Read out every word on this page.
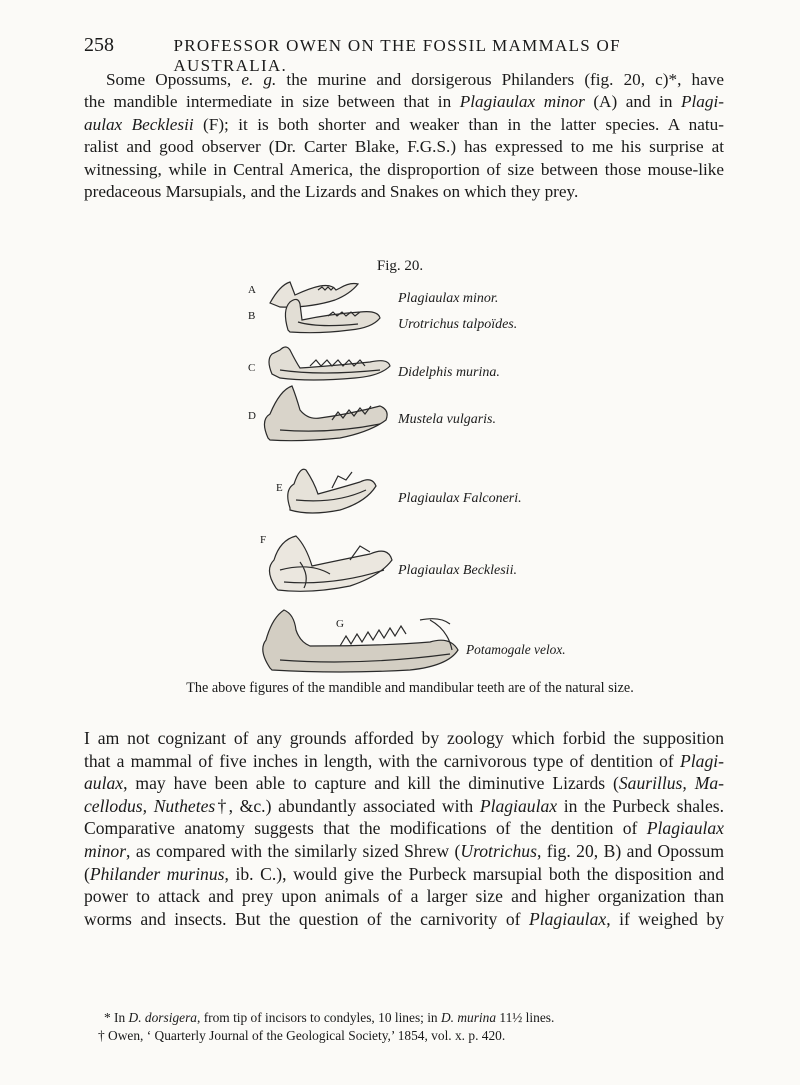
258	PROFESSOR OWEN ON THE FOSSIL MAMMALS OF AUSTRALIA.
Some Opossums, e. g. the murine and dorsigerous Philanders (fig. 20, c)*, have
the mandible intermediate in size between that in Plagiaulax minor (A) and in Plagi-
aulax Becklesii (F); it is both shorter and weaker than in the latter species. A natu-
ralist and good observer (Dr. Carter Blake, F.G.S.) has expressed to me his surprise at
witnessing, while in Central America, the disproportion of size between those mouse-like
predaceous Marsupials, and the Lizards and Snakes on which they prey.
Fig. 20.
A
B
C
D
E
F
G
Plagiaulax minor.
Urotrichus talpoïdes.
Didelphis murina.
Mustela vulgaris.
Plagiaulax Falconeri.
Plagiaulax Becklesii.
Potamogale velox.
The above figures of the mandible and mandibular teeth are of the natural size.
I am not cognizant of any grounds afforded by zoology which forbid the supposition
that a mammal of five inches in length, with the carnivorous type of dentition of Plagi-
aulax, may have been able to capture and kill the diminutive Lizards (Saurillus, Ma-
cellodus, Nuthetes†, &c.) abundantly associated with Plagiaulax in the Purbeck shales.
Comparative anatomy suggests that the modifications of the dentition of Plagiaulax
minor, as compared with the similarly sized Shrew (Urotrichus, fig. 20, B) and Opossum
(Philander murinus, ib. C.), would give the Purbeck marsupial both the disposition and
power to attack and prey upon animals of a larger size and higher organization than
worms and insects. But the question of the carnivority of Plagiaulax, if weighed by
* In D. dorsigera, from tip of incisors to condyles, 10 lines; in D. murina 11½ lines.
† Owen, ‘ Quarterly Journal of the Geological Society,’ 1854, vol. x. p. 420.
